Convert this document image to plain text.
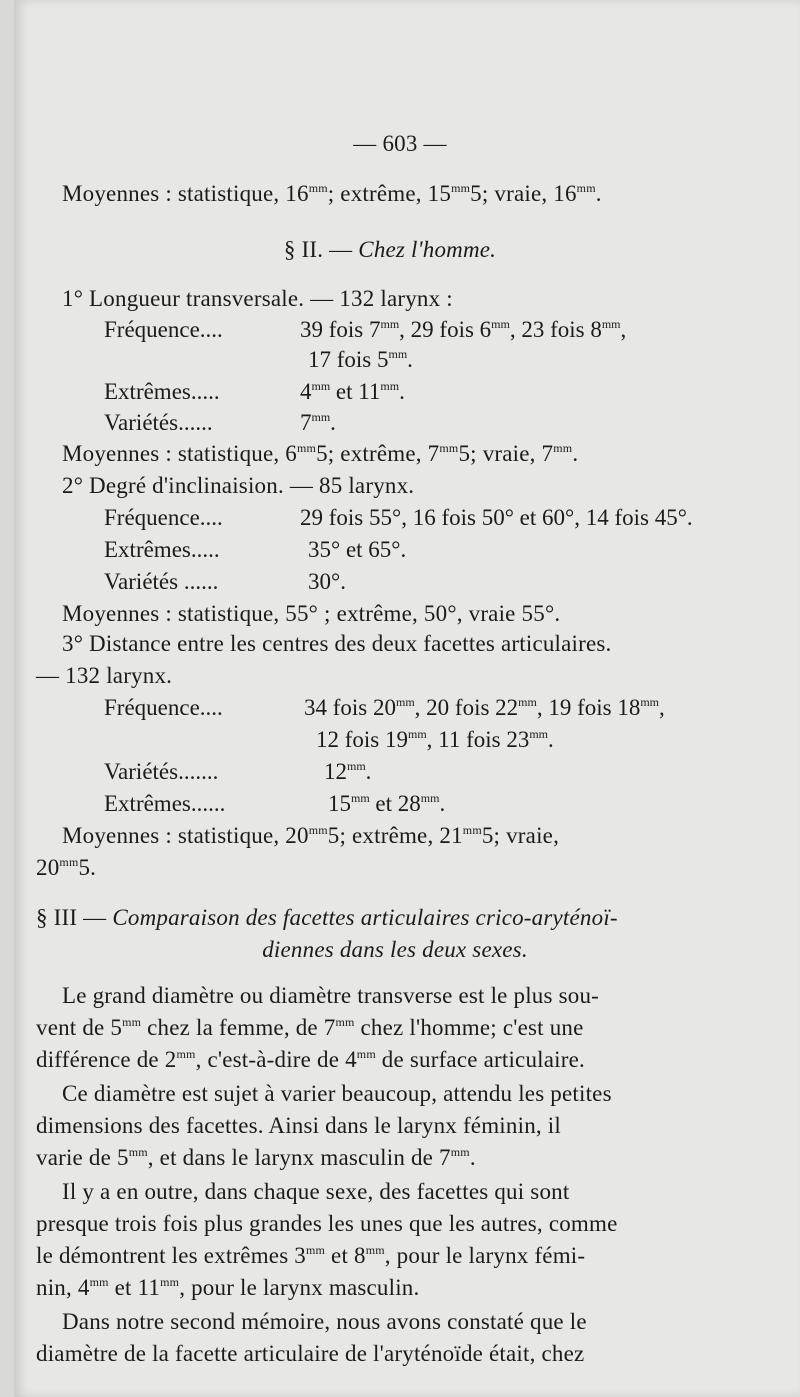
— 603 —
Moyennes : statistique, $16^{mm}$; extrême, $15^{mm}5$; vraie, $16^{mm}$.
§ II. — Chez l'homme.
1° Longueur transversale. — 132 larynx :
Fréquence....	39 fois $7^{mm}$, 29 fois $6^{mm}$, 23 fois $8^{mm}$,
17 fois $5^{mm}$.
Extrêmes.....	$4^{mm}$ et $11^{mm}$.
Variétés......	$7^{mm}$.
Moyennes : statistique, $6^{mm}5$; extrême, $7^{mm}5$; vraie, $7^{mm}$.
2° Degré d'inclinaision. — 85 larynx.
Fréquence....	29 fois 55°, 16 fois 50° et 60°, 14 fois 45°.
Extrêmes.....	35° et 65°.
Variétés ......	30°.
Moyennes : statistique, 55° ; extrême, 50°, vraie 55°.
3° Distance entre les centres des deux facettes articulaires.
— 132 larynx.
Fréquence....	34 fois $20^{mm}$, 20 fois $22^{mm}$, 19 fois $18^{mm}$,
12 fois $19^{mm}$, 11 fois $23^{mm}$.
Variétés.......	$12^{mm}$.
Extrêmes......	$15^{mm}$ et $28^{mm}$.
Moyennes : statistique, $20^{mm}5$; extrême, $21^{mm}5$; vraie,
$20^{mm}5$.
§ III — Comparaison des facettes articulaires crico-aryténoï-
diennes dans les deux sexes.
Le grand diamètre ou diamètre transverse est le plus sou-
vent de $5^{mm}$ chez la femme, de $7^{mm}$ chez l'homme; c'est une
différence de $2^{mm}$, c'est-à-dire de $4^{mm}$ de surface articulaire.
Ce diamètre est sujet à varier beaucoup, attendu les petites
dimensions des facettes. Ainsi dans le larynx féminin, il
varie de $5^{mm}$, et dans le larynx masculin de $7^{mm}$.
Il y a en outre, dans chaque sexe, des facettes qui sont
presque trois fois plus grandes les unes que les autres, comme
le démontrent les extrêmes $3^{mm}$ et $8^{mm}$, pour le larynx fémi-
nin, $4^{mm}$ et $11^{mm}$, pour le larynx masculin.
Dans notre second mémoire, nous avons constaté que le
diamètre de la facette articulaire de l'aryténoïde était, chez
